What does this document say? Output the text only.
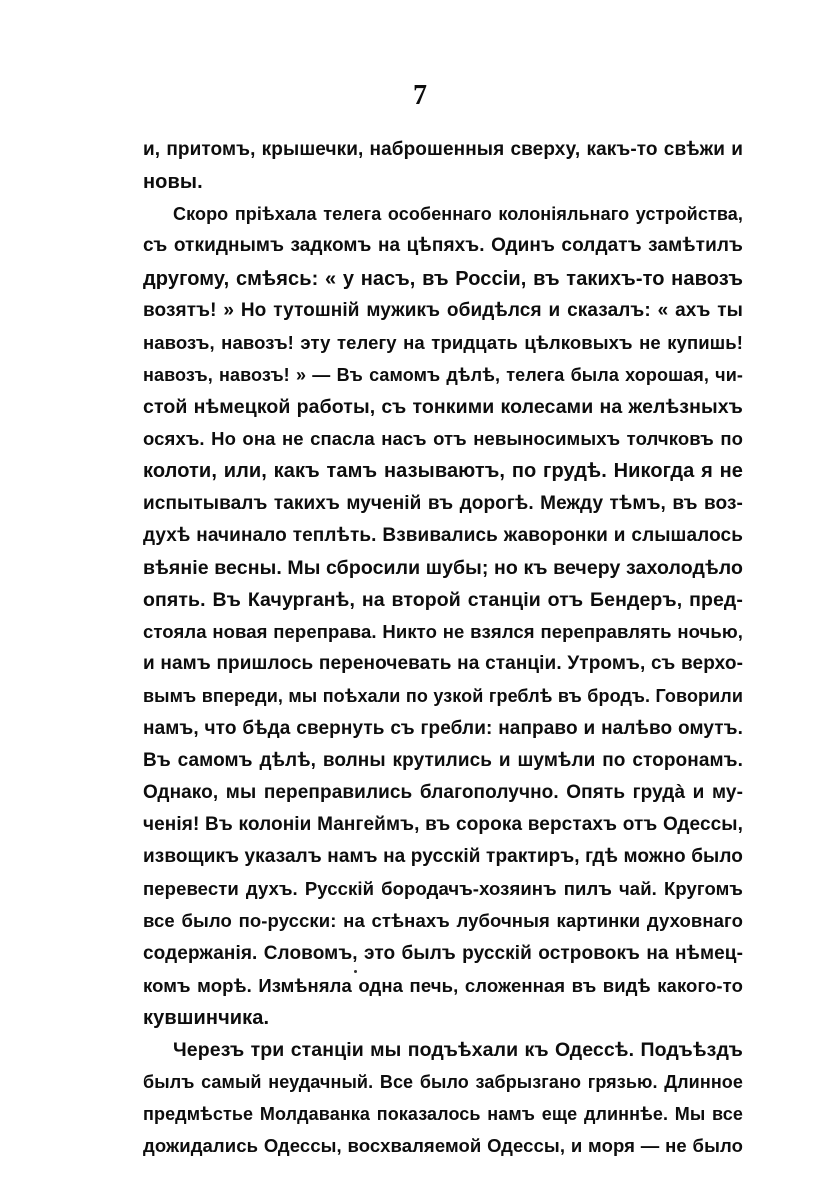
7
и, притомъ, крышечки, наброшенныя сверху, какъ-то свѣжи и
новы.
Скоро пріѣхала телега особеннаго колоніяльнаго устройства,
съ откиднымъ задкомъ на цѣпяхъ. Одинъ солдатъ замѣтилъ
другому, смѣясь: « у насъ, въ Россіи, въ такихъ-то навозъ
возятъ! » Но тутошній мужикъ обидѣлся и сказалъ: « ахъ ты
навозъ, навозъ! эту телегу на тридцать цѣлковыхъ не купишь!
навозъ, навозъ! » — Въ самомъ дѣлѣ, телега была хорошая, чи-
стой нѣмецкой работы, съ тонкими колесами на желѣзныхъ
осяхъ. Но она не спасла насъ отъ невыносимыхъ толчковъ по
колоти, или, какъ тамъ называютъ, по грудѣ. Никогда я не
испытывалъ такихъ мученій въ дорогѣ. Между тѣмъ, въ воз-
духѣ начинало теплѣть. Взвивались жаворонки и слышалось
вѣяніе весны. Мы сбросили шубы; но къ вечеру захолодѣло
опять. Въ Качурганѣ, на второй станціи отъ Бендеръ, пред-
стояла новая переправа. Никто не взялся переправлять ночью,
и намъ пришлось переночевать на станціи. Утромъ, съ верхо-
вымъ впереди, мы поѣхали по узкой греблѣ въ бродъ. Говорили
намъ, что бѣда свернуть съ гребли: направо и налѣво омутъ.
Въ самомъ дѣлѣ, волны крутились и шумѣли по сторонамъ.
Однако, мы переправились благополучно. Опять грудà и му-
ченія! Въ колоніи Мангеймъ, въ сорока верстахъ отъ Одессы,
извощикъ указалъ намъ на русскій трактиръ, гдѣ можно было
перевести духъ. Русскій бородачъ-хозяинъ пилъ чай. Кругомъ
все было по-русски: на стѣнахъ лубочныя картинки духовнаго
содержанія. Словомъ, это былъ русскій островокъ на нѣмец-
комъ морѣ. Измѣняла одна печь, сложенная въ видѣ какого-то
кувшинчика.
Черезъ три станціи мы подъѣхали къ Одессѣ. Подъѣздъ
былъ самый неудачный. Все было забрызгано грязью. Длинное
предмѣстье Молдаванка показалось намъ еще длиннѣе. Мы все
дожидались Одессы, восхваляемой Одессы, и моря — не было
